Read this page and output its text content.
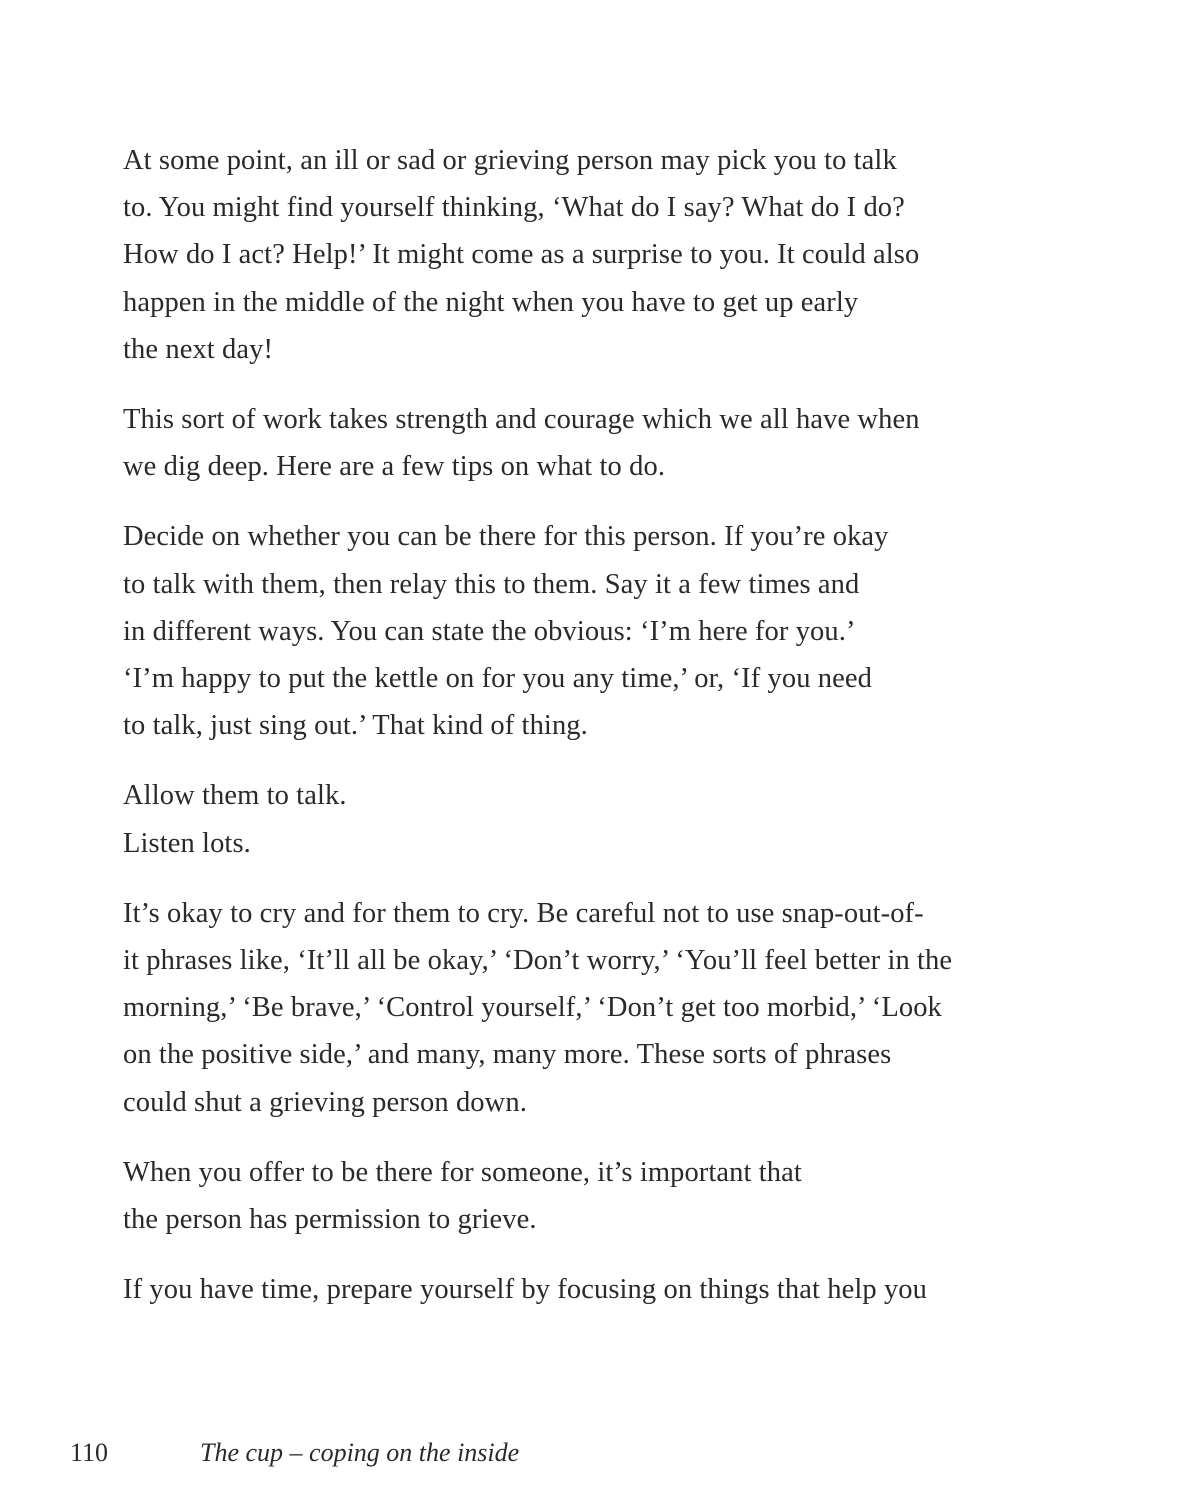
At some point, an ill or sad or grieving person may pick you to talk
to. You might find yourself thinking, ‘What do I say? What do I do?
How do I act? Help!’ It might come as a surprise to you. It could also
happen in the middle of the night when you have to get up early
the next day!

This sort of work takes strength and courage which we all have when
we dig deep. Here are a few tips on what to do.

Decide on whether you can be there for this person. If you’re okay
to talk with them, then relay this to them. Say it a few times and
in different ways. You can state the obvious: ‘I’m here for you.’
‘I’m happy to put the kettle on for you any time,’ or, ‘If you need
to talk, just sing out.’ That kind of thing.

Allow them to talk.
Listen lots.

It’s okay to cry and for them to cry. Be careful not to use snap-out-of-
it phrases like, ‘It’ll all be okay,’ ‘Don’t worry,’ ‘You’ll feel better in the
morning,’ ‘Be brave,’ ‘Control yourself,’ ‘Don’t get too morbid,’ ‘Look
on the positive side,’ and many, many more. These sorts of phrases
could shut a grieving person down.

When you offer to be there for someone, it’s important that
the person has permission to grieve.

If you have time, prepare yourself by focusing on things that help you

110	The cup – coping on the inside
